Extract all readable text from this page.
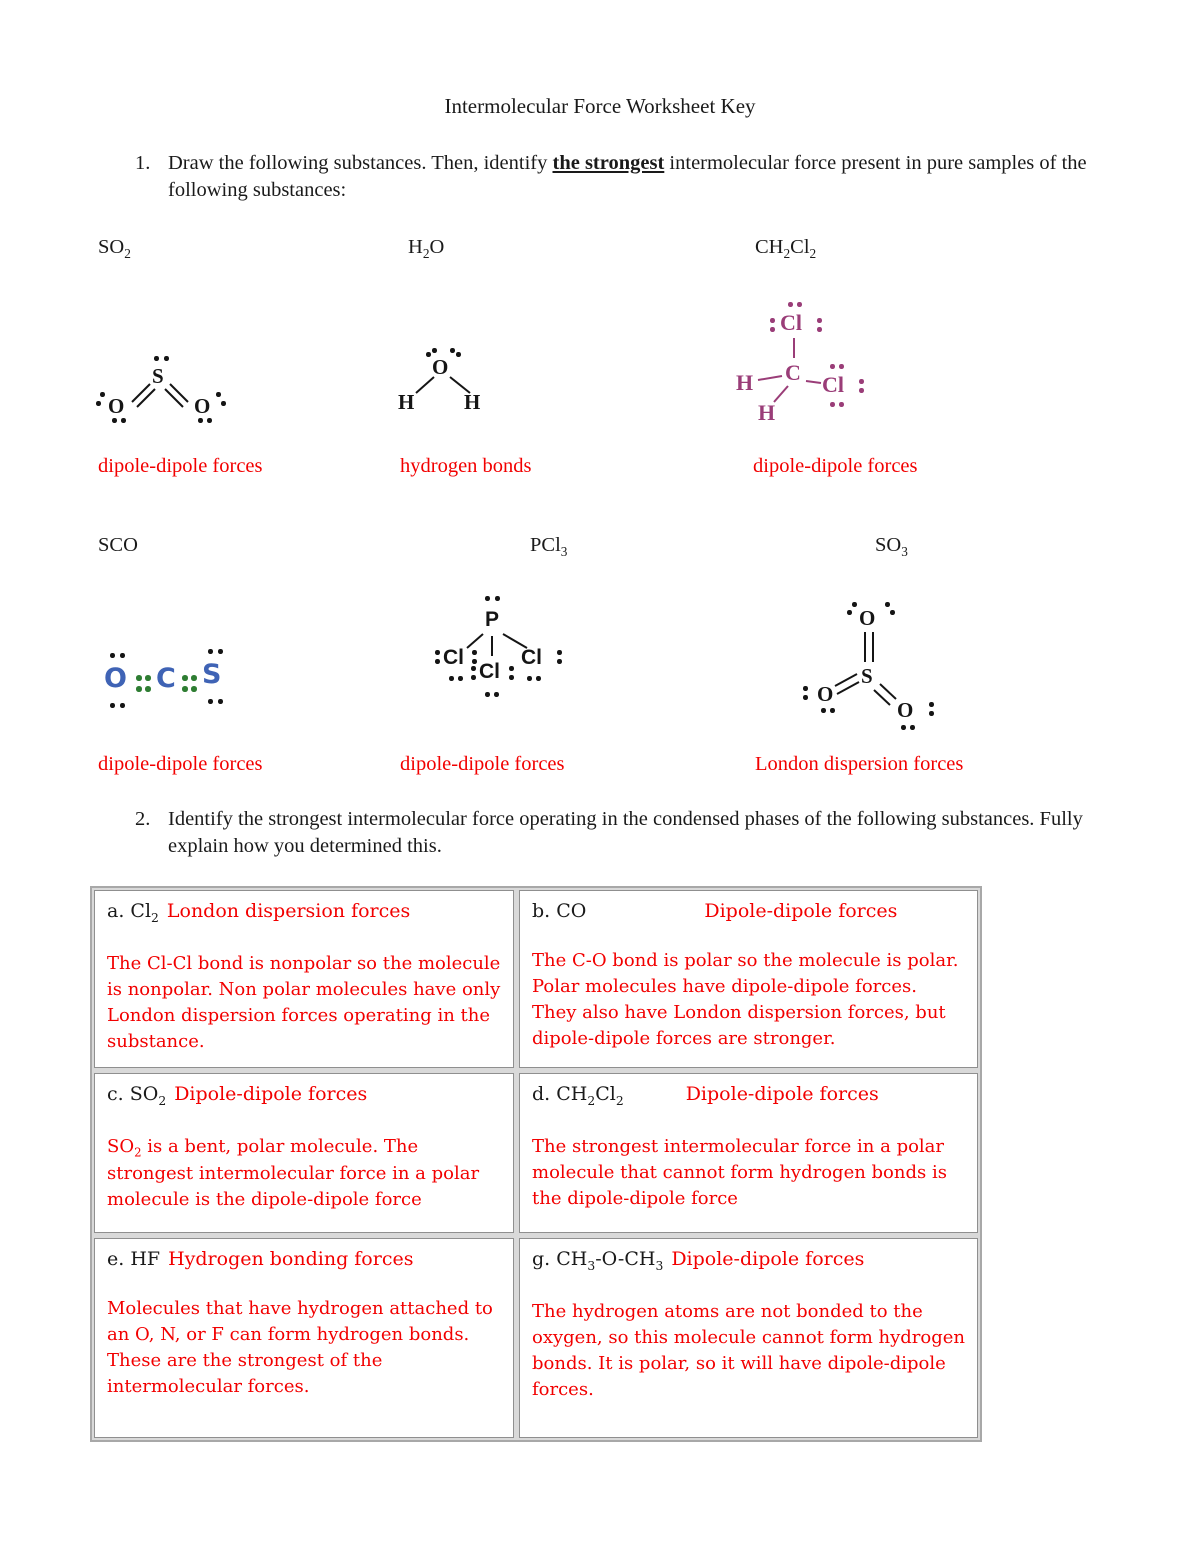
Intermolecular Force Worksheet Key
1. Draw the following substances. Then, identify the strongest intermolecular force present in pure samples of the following substances:
$SO_2$	$H_2O$	$CH_2Cl_2$
S
O	O
O
H H
Cl
C
H
H
Cl
dipole-dipole forces	hydrogen bonds	dipole-dipole forces
SCO	PCl$_3$	$SO_3$
O C S
P
Cl
Cl
Cl
O
S
O
O
dipole-dipole forces	dipole-dipole forces	London dispersion forces
2. Identify the strongest intermolecular force operating in the condensed phases of the following substances. Fully explain how you determined this.
a. $Cl_2$ London dispersion forces
The Cl-Cl bond is nonpolar so the molecule is nonpolar. Non polar molecules have only London dispersion forces operating in the substance.
b. CO	Dipole-dipole forces
The C-O bond is polar so the molecule is polar. Polar molecules have dipole-dipole forces. They also have London dispersion forces, but dipole-dipole forces are stronger.
c. $SO_2$ Dipole-dipole forces
$SO_2$ is a bent, polar molecule. The strongest intermolecular force in a polar molecule is the dipole-dipole force
d. $CH_2Cl_2$	Dipole-dipole forces
The strongest intermolecular force in a polar molecule that cannot form hydrogen bonds is the dipole-dipole force
e. HF Hydrogen bonding forces
Molecules that have hydrogen attached to an O, N, or F can form hydrogen bonds. These are the strongest of the intermolecular forces.
g. $CH_3-O-CH_3$ Dipole-dipole forces
The hydrogen atoms are not bonded to the oxygen, so this molecule cannot form hydrogen bonds. It is polar, so it will have dipole-dipole forces.
